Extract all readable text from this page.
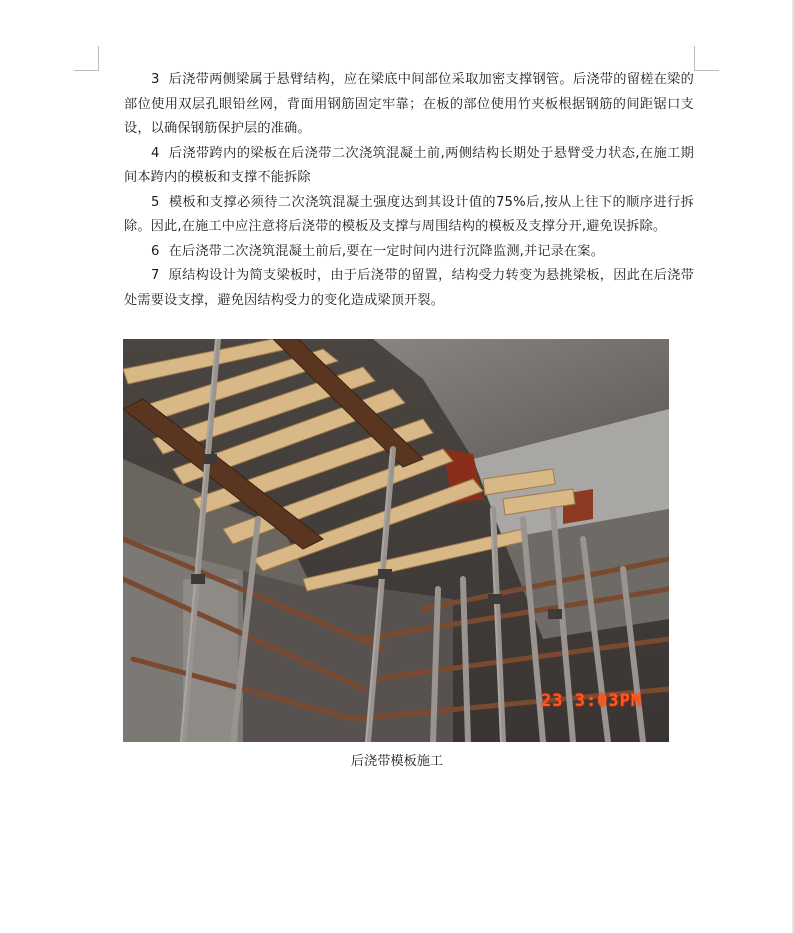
3 后浇带两侧梁属于悬臂结构，应在梁底中间部位采取加密支撑钢管。后浇带的留槎在梁的部位使用双层孔眼铅丝网，背面用钢筋固定牢靠；在板的部位使用竹夹板根据钢筋的间距锯口支设，以确保钢筋保护层的准确。

4 后浇带跨内的梁板在后浇带二次浇筑混凝土前,两侧结构长期处于悬臂受力状态,在施工期间本跨内的模板和支撑不能拆除

5 模板和支撑必须待二次浇筑混凝土强度达到其设计值的75%后,按从上往下的顺序进行拆除。因此,在施工中应注意将后浇带的模板及支撑与周围结构的模板及支撑分开,避免误拆除。

6 在后浇带二次浇筑混凝土前后,要在一定时间内进行沉降监测,并记录在案。

7 原结构设计为简支梁板时，由于后浇带的留置，结构受力转变为悬挑梁板，因此在后浇带处需要设支撑，避免因结构受力的变化造成梁顶开裂。

23 3:03PM
后浇带模板施工
